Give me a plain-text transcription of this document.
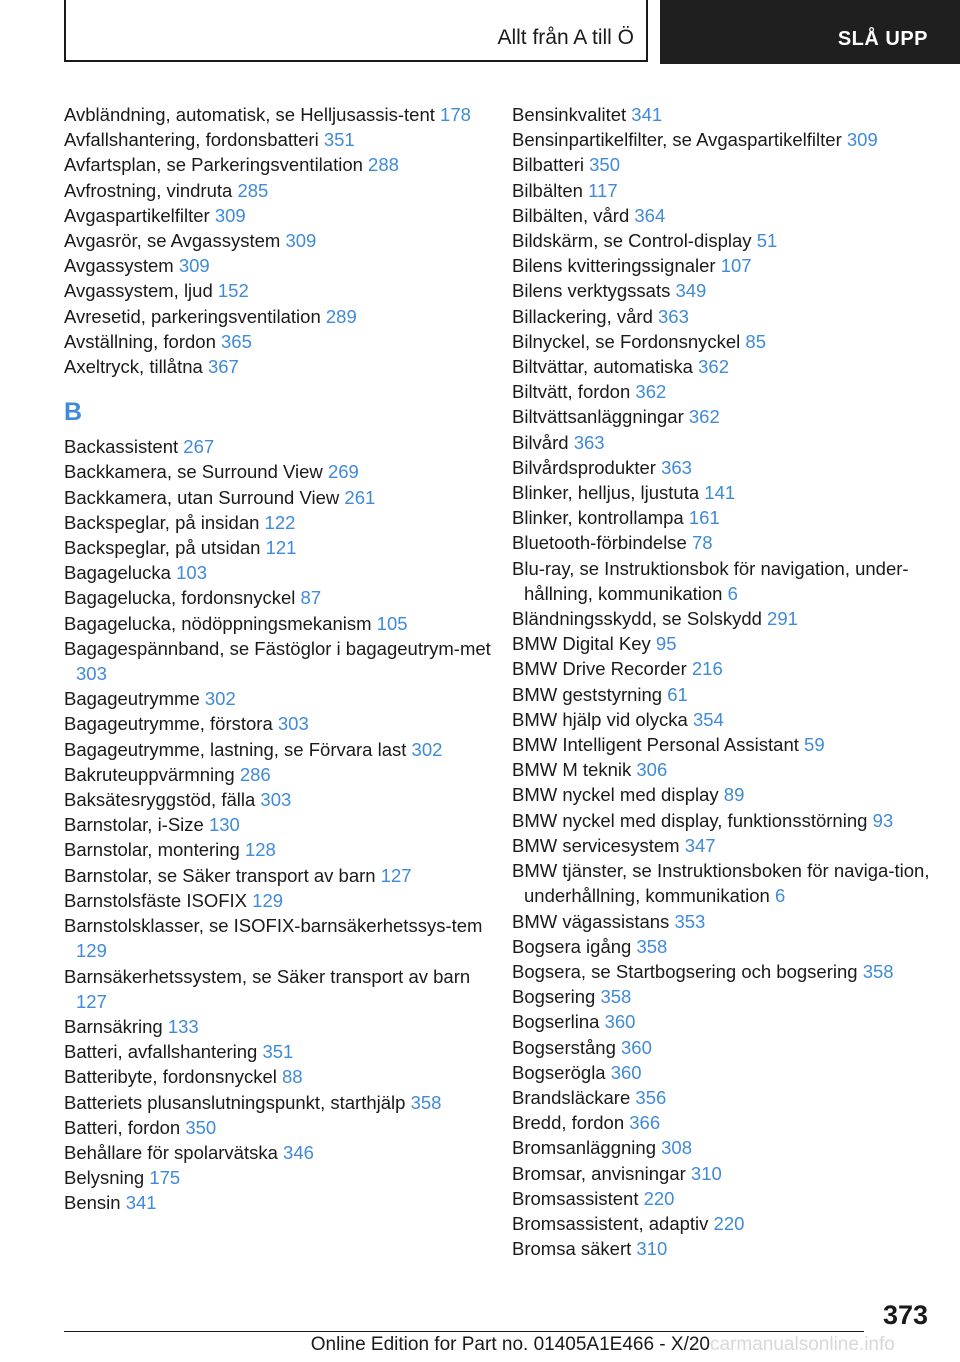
Allt från A till Ö	SLÅ UPP
Avbländning, automatisk, se Helljusassis-tent 178
Avfallshantering, fordonsbatteri 351
Avfartsplan, se Parkeringsventilation 288
Avfrostning, vindruta 285
Avgaspartikelfilter 309
Avgasrör, se Avgassystem 309
Avgassystem 309
Avgassystem, ljud 152
Avresetid, parkeringsventilation 289
Avställning, fordon 365
Axeltryck, tillåtna 367
B
Backassistent 267
Backkamera, se Surround View 269
Backkamera, utan Surround View 261
Backspeglar, på insidan 122
Backspeglar, på utsidan 121
Bagagelucka 103
Bagagelucka, fordonsnyckel 87
Bagagelucka, nödöppningsmekanism 105
Bagagespännband, se Fästöglor i bagageutrym-met 303
Bagageutrymme 302
Bagageutrymme, förstora 303
Bagageutrymme, lastning, se Förvara last 302
Bakruteuppvärmning 286
Baksätesryggstöd, fälla 303
Barnstolar, i-Size 130
Barnstolar, montering 128
Barnstolar, se Säker transport av barn 127
Barnstolsfäste ISOFIX 129
Barnstolsklasser, se ISOFIX-barnsäkerhetssys-tem 129
Barnsäkerhetssystem, se Säker transport av barn 127
Barnsäkring 133
Batteri, avfallshantering 351
Batteribyte, fordonsnyckel 88
Batteriets plusanslutningspunkt, starthjälp 358
Batteri, fordon 350
Behållare för spolarvätska 346
Belysning 175
Bensin 341
Bensinkvalitet 341
Bensinpartikelfilter, se Avgaspartikelfilter 309
Bilbatteri 350
Bilbälten 117
Bilbälten, vård 364
Bildskärm, se Control-display 51
Bilens kvitteringssignaler 107
Bilens verktygssats 349
Billackering, vård 363
Bilnyckel, se Fordonsnyckel 85
Biltvättar, automatiska 362
Biltvätt, fordon 362
Biltvättsanläggningar 362
Bilvård 363
Bilvårdsprodukter 363
Blinker, helljus, ljustuta 141
Blinker, kontrollampa 161
Bluetooth-förbindelse 78
Blu-ray, se Instruktionsbok för navigation, under-hållning, kommunikation 6
Bländningsskydd, se Solskydd 291
BMW Digital Key 95
BMW Drive Recorder 216
BMW geststyrning 61
BMW hjälp vid olycka 354
BMW Intelligent Personal Assistant 59
BMW M teknik 306
BMW nyckel med display 89
BMW nyckel med display, funktionsstörning 93
BMW servicesystem 347
BMW tjänster, se Instruktionsboken för naviga-tion, underhållning, kommunikation 6
BMW vägassistans 353
Bogsera igång 358
Bogsera, se Startbogsering och bogsering 358
Bogsering 358
Bogserlina 360
Bogserstång 360
Bogserögla 360
Brandsläckare 356
Bredd, fordon 366
Bromsanläggning 308
Bromsar, anvisningar 310
Bromsassistent 220
Bromsassistent, adaptiv 220
Bromsa säkert 310
373
carmanualsonline.info
Online Edition for Part no. 01405A1E466 - X/20
